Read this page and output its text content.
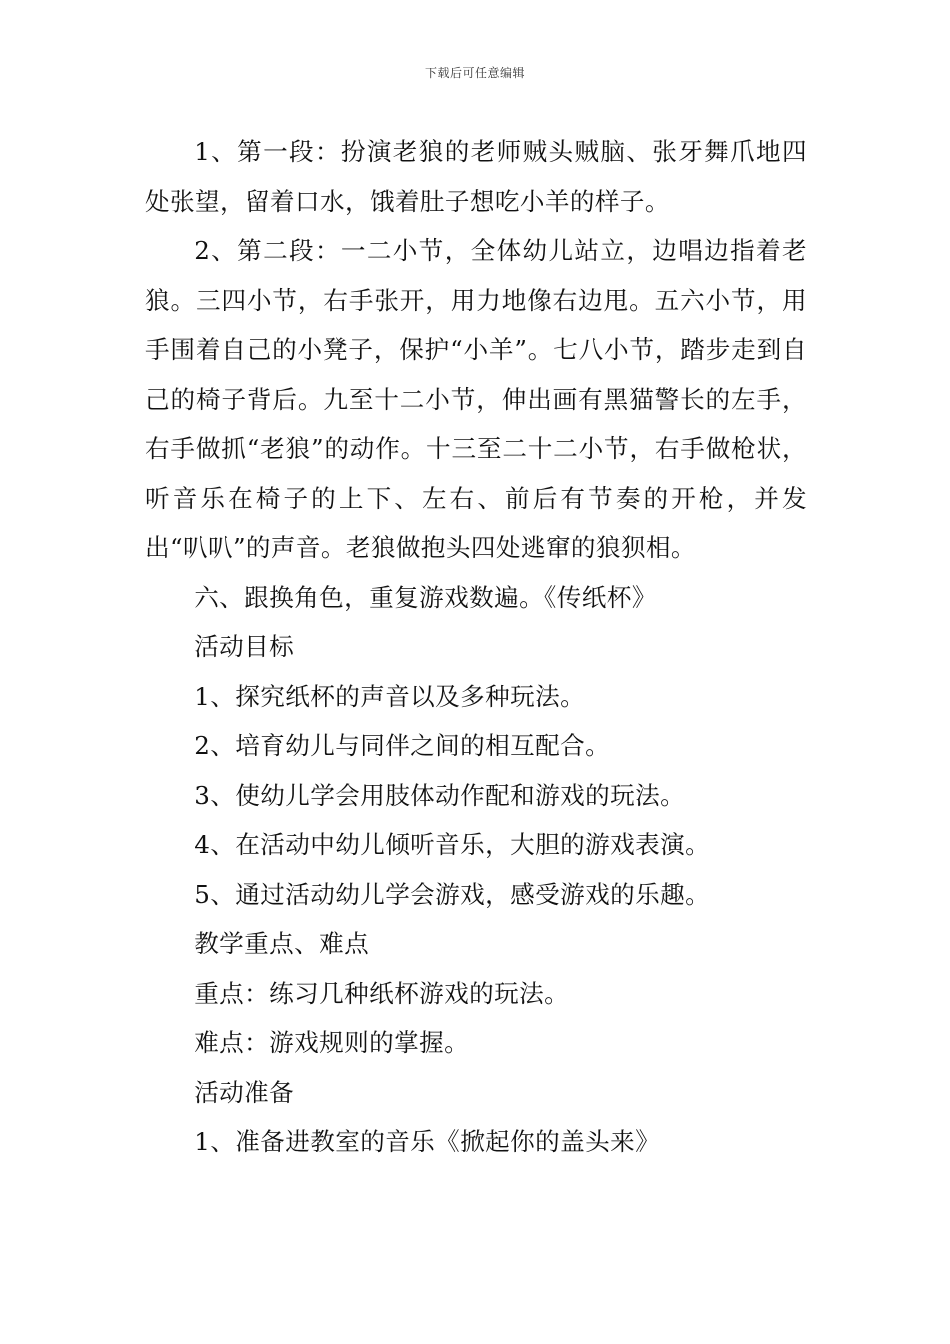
下载后可任意编辑

1、第一段：扮演老狼的老师贼头贼脑、张牙舞爪地四处张望，留着口水，饿着肚子想吃小羊的样子。

2、第二段：一二小节，全体幼儿站立，边唱边指着老狼。三四小节，右手张开，用力地像右边甩。五六小节，用手围着自己的小凳子，保护“小羊”。七八小节，踏步走到自己的椅子背后。九至十二小节，伸出画有黑猫警长的左手，右手做抓“老狼”的动作。十三至二十二小节，右手做枪状，听音乐在椅子的上下、左右、前后有节奏的开枪，并发出“叭叭”的声音。老狼做抱头四处逃窜的狼狈相。

六、跟换角色，重复游戏数遍。《传纸杯》

活动目标

1、探究纸杯的声音以及多种玩法。

2、培育幼儿与同伴之间的相互配合。

3、使幼儿学会用肢体动作配和游戏的玩法。

4、在活动中幼儿倾听音乐，大胆的游戏表演。

5、通过活动幼儿学会游戏，感受游戏的乐趣。

教学重点、难点

重点：练习几种纸杯游戏的玩法。

难点：游戏规则的掌握。

活动准备

1、准备进教室的音乐《掀起你的盖头来》
